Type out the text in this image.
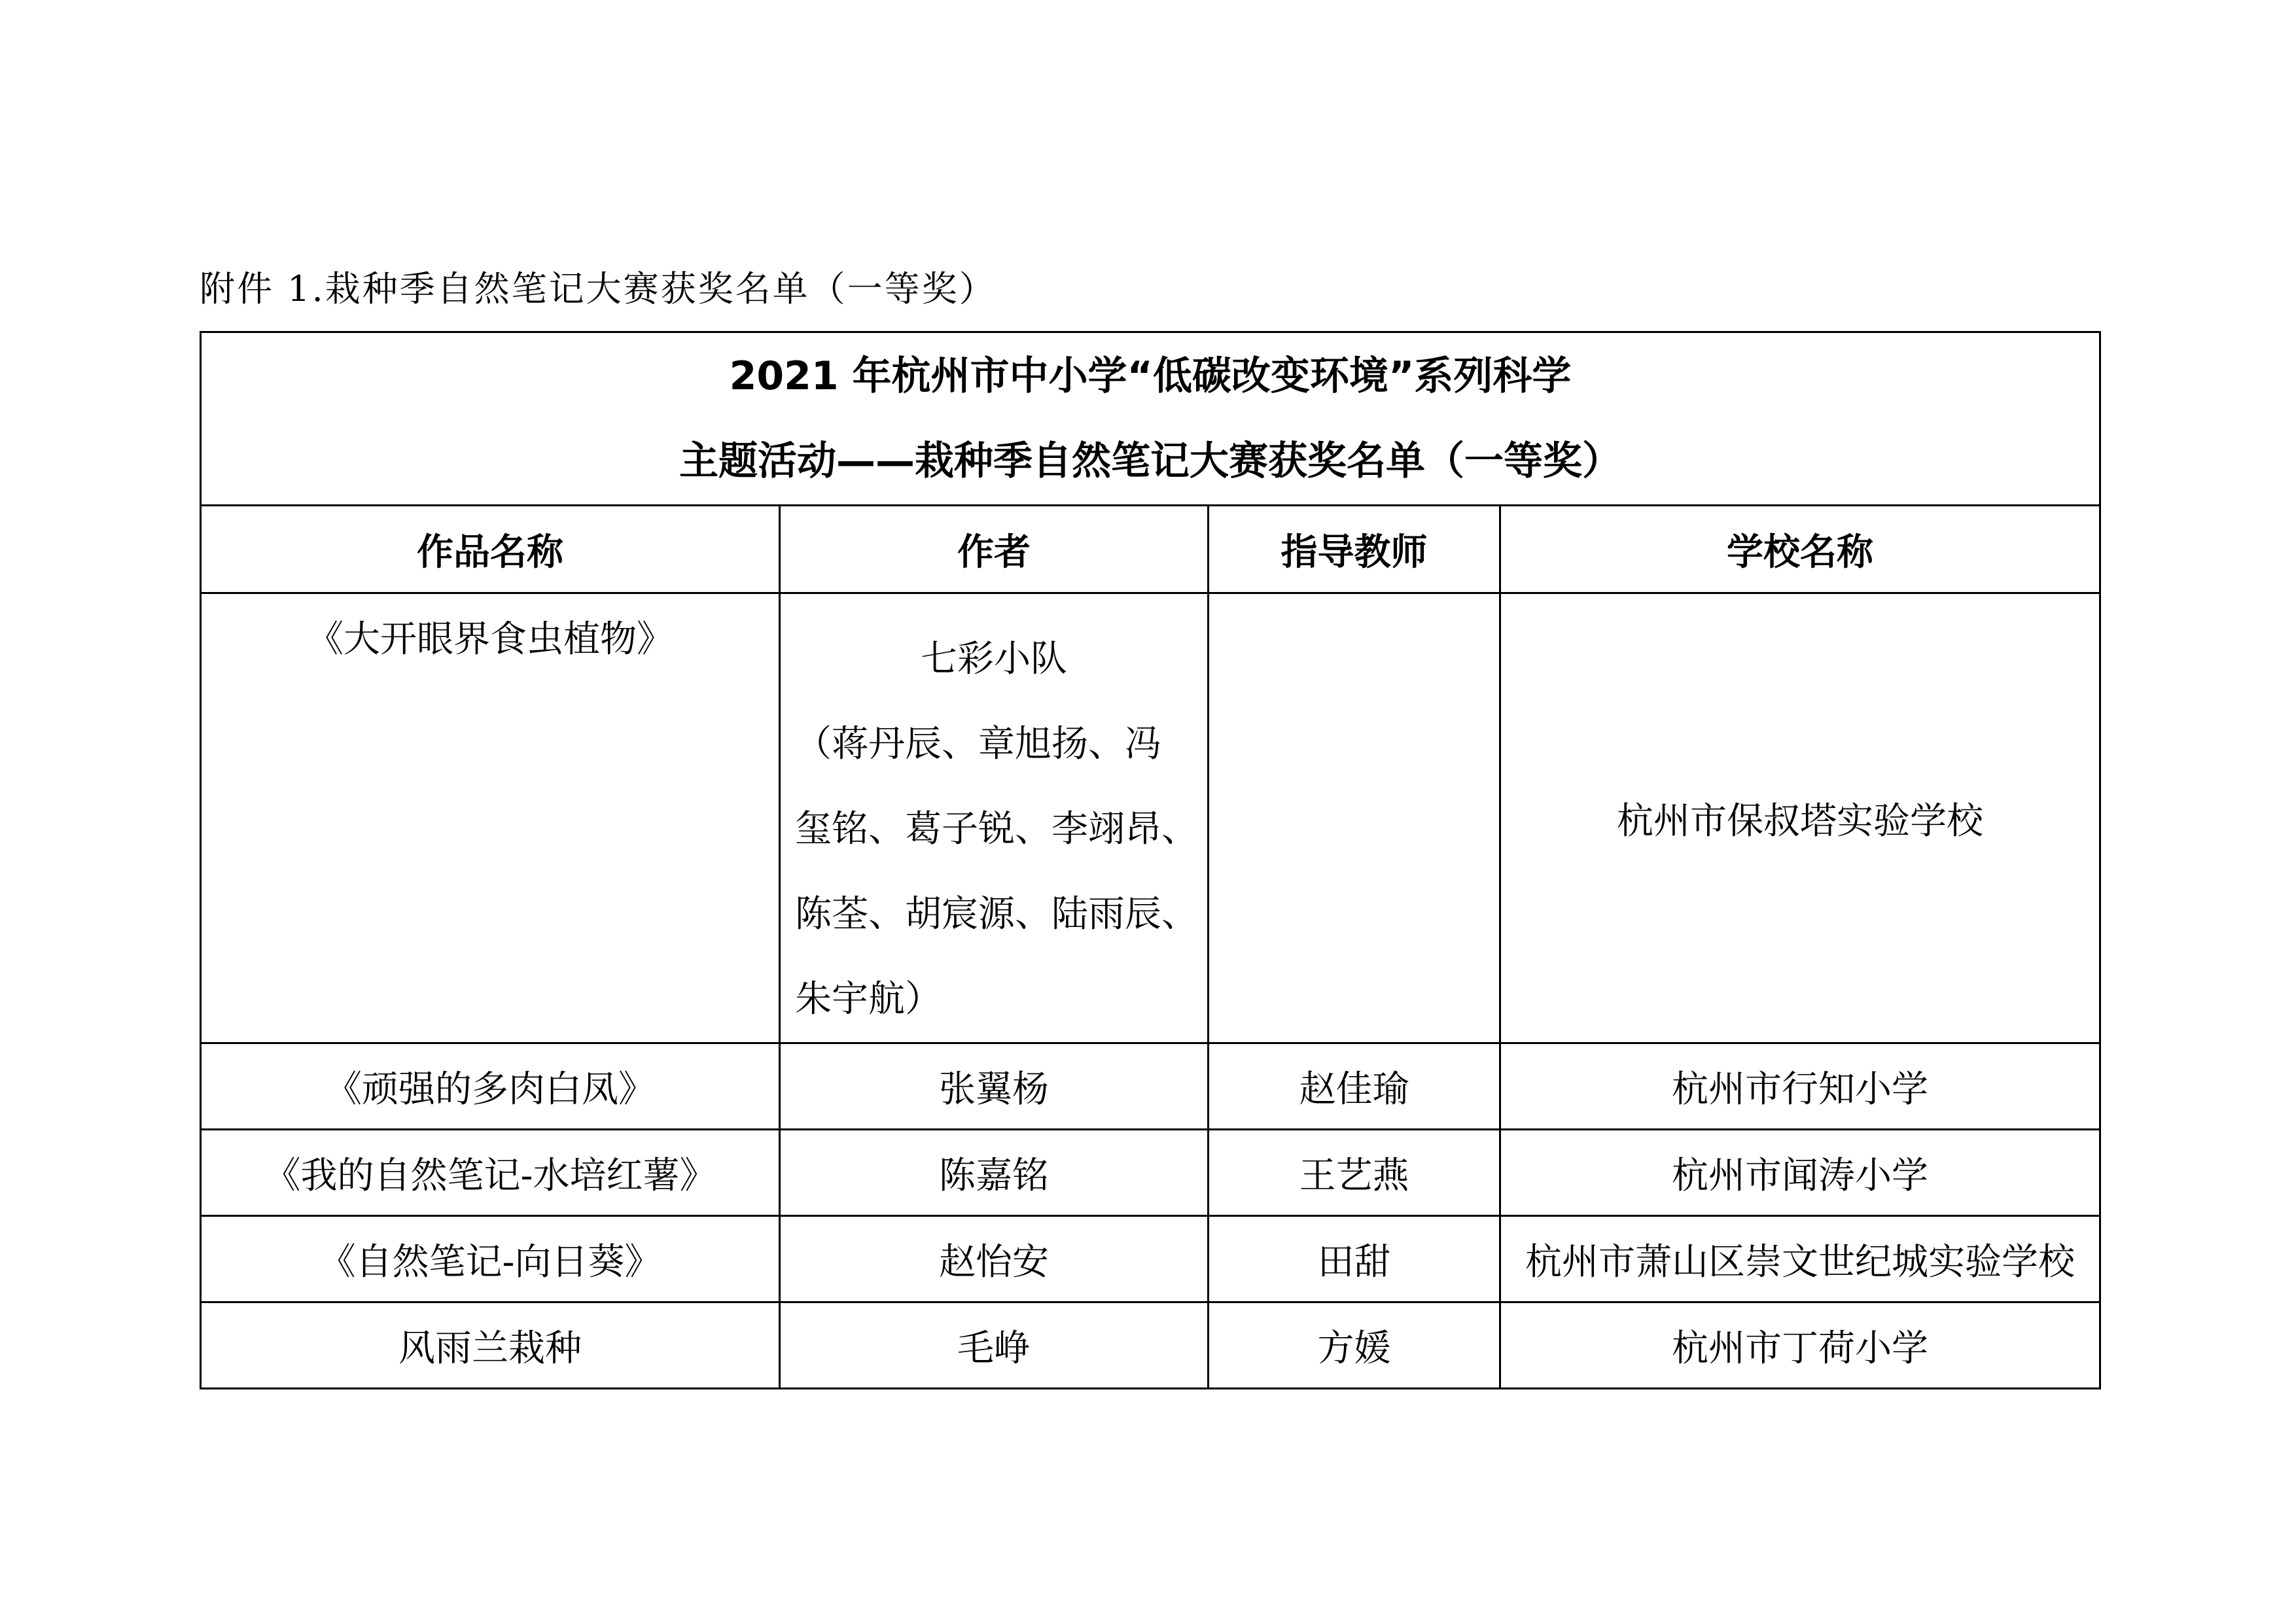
附件 1.栽种季自然笔记大赛获奖名单（一等奖）
2021 年杭州市中小学“低碳改变环境”系列科学
主题活动——栽种季自然笔记大赛获奖名单（一等奖）			

作品名称	作者	指导教师	学校名称

《大开眼界食虫植物》	七彩小队
（蒋丹辰、章旭扬、冯
玺铭、葛子锐、李翊昂、
陈荃、胡宸源、陆雨辰、
朱宇航）		杭州市保叔塔实验学校
《顽强的多肉白凤》	张翼杨	赵佳瑜	杭州市行知小学
《我的自然笔记-水培红薯》	陈嘉铭	王艺燕	杭州市闻涛小学
《自然笔记-向日葵》	赵怡安	田甜	杭州市萧山区崇文世纪城实验学校
风雨兰栽种	毛峥	方媛	杭州市丁荷小学
